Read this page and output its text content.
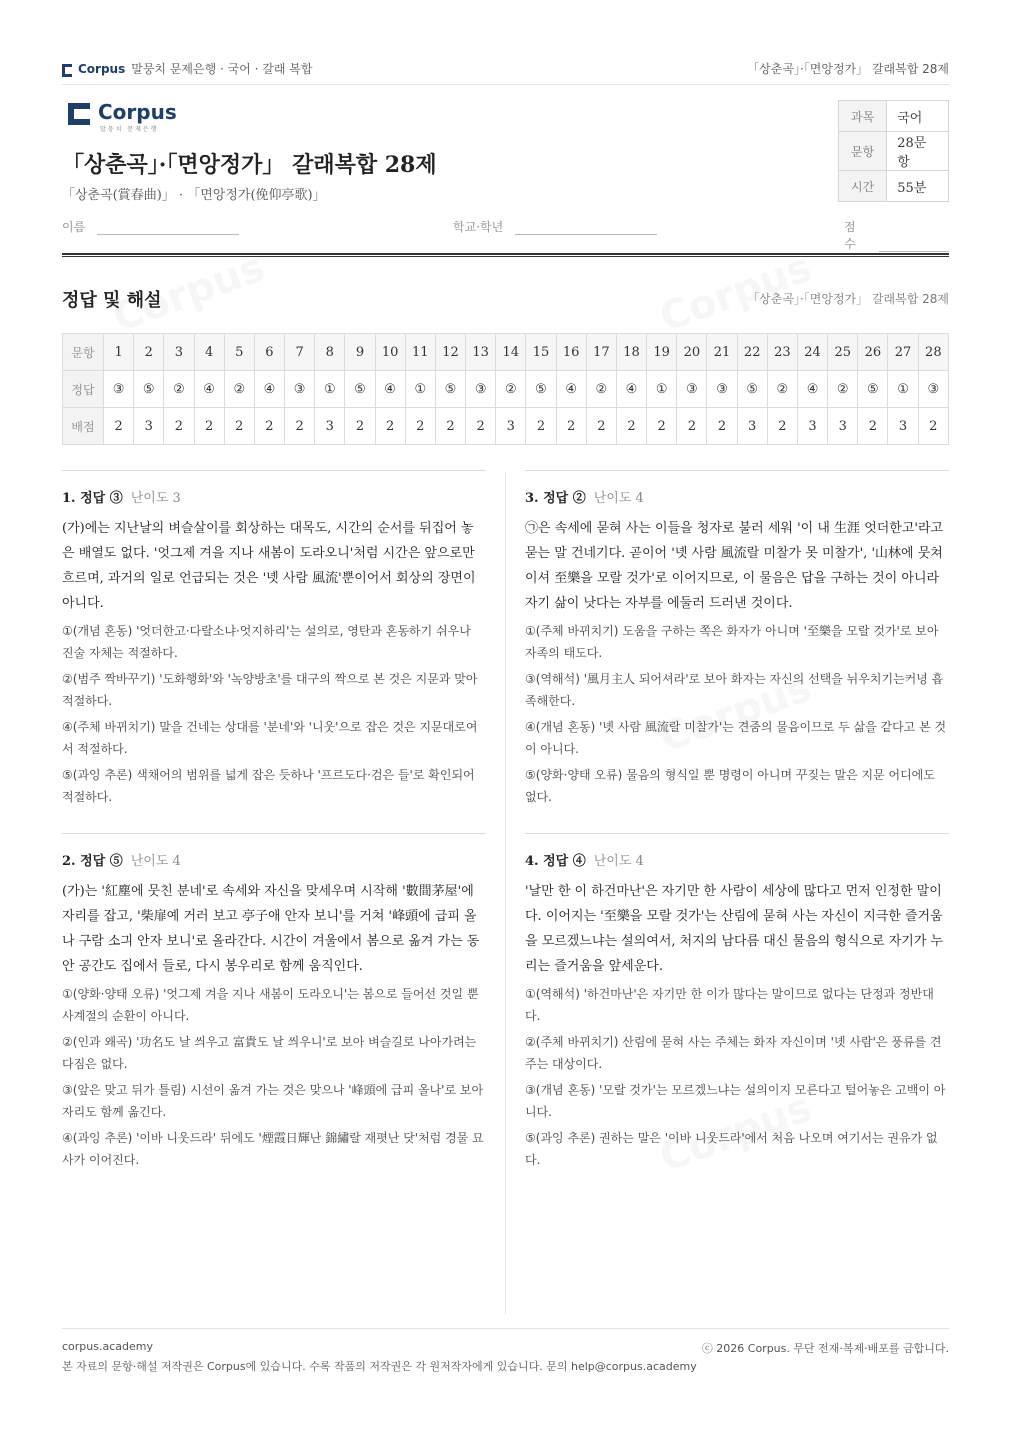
Corpus 말뭉치 문제은행 · 국어 · 갈래 복합	「상춘곡」·「면앙정가」 갈래복합 28제
Corpus
말뭉치 문제은행
「상춘곡」·「면앙정가」 갈래복합 28제
「상춘곡(賞春曲)」 · 「면앙정가(俛仰亭歌)」
과목	국어
문항	28문항
시간	55분
이름	학교·학년	점수
정답 및 해설	「상춘곡」·「면앙정가」 갈래복합 28제
문항	1	2	3	4	5	6	7	8	9	10	11	12	13	14	15	16	17	18	19	20	21	22	23	24	25	26	27	28
정답	③	⑤	②	④	②	④	③	①	⑤	④	①	⑤	③	②	⑤	④	②	④	①	③	③	⑤	②	④	②	⑤	①	③
배점	2	3	2	2	2	2	2	3	2	2	2	2	2	3	2	2	2	2	2	2	2	3	2	3	3	2	3	2
1. 정답 ③ 난이도 3
(가)에는 지난날의 벼슬살이를 회상하는 대목도, 시간의 순서를 뒤집어 놓은 배열도 없다. '엇그제 겨을 지나 새봄이 도라오니'처럼 시간은 앞으로만 흐르며, 과거의 일로 언급되는 것은 '녯 사람 風流'뿐이어서 회상의 장면이 아니다.
①(개념 혼동) '엇더한고·다랄소냐·엇지하리'는 설의로, 영탄과 혼동하기 쉬우나 진술 자체는 적절하다.
②(범주 짝바꾸기) '도화행화'와 '녹양방초'를 대구의 짝으로 본 것은 지문과 맞아 적절하다.
④(주체 바뀌치기) 말을 건네는 상대를 '분네'와 '니웃'으로 잡은 것은 지문대로여서 적절하다.
⑤(과잉 추론) 색채어의 범위를 넓게 잡은 듯하나 '프르도다·검은 들'로 확인되어 적절하다.
2. 정답 ⑤ 난이도 4
(가)는 '紅塵에 뭇친 분네'로 속세와 자신을 맞세우며 시작해 '數間茅屋'에 자리를 잡고, '柴扉예 거러 보고 亭子애 안자 보니'를 거쳐 '峰頭에 급피 올나 구람 소긔 안자 보니'로 올라간다. 시간이 겨울에서 봄으로 옮겨 가는 동안 공간도 집에서 들로, 다시 봉우리로 함께 움직인다.
①(양화·양태 오류) '엇그제 겨을 지나 새봄이 도라오니'는 봄으로 들어선 것일 뿐 사계절의 순환이 아니다.
②(인과 왜곡) '功名도 날 씌우고 富貴도 날 씌우니'로 보아 벼슬길로 나아가려는 다짐은 없다.
③(앞은 맞고 뒤가 틀림) 시선이 옮겨 가는 것은 맞으나 '峰頭에 급피 올나'로 보아 자리도 함께 옮긴다.
④(과잉 추론) '이바 니웃드라' 뒤에도 '煙霞日輝난 錦繡랄 재폇난 닷'처럼 경물 묘사가 이어진다.
3. 정답 ② 난이도 4
㉠은 속세에 묻혀 사는 이들을 청자로 불러 세워 '이 내 生涯 엇더한고'라고 묻는 말 건네기다. 곧이어 '녯 사람 風流랄 미찰가 못 미찰가', '山林에 뭇쳐 이셔 至樂을 모랄 것가'로 이어지므로, 이 물음은 답을 구하는 것이 아니라 자기 삶이 낫다는 자부를 에둘러 드러낸 것이다.
①(주체 바뀌치기) 도움을 구하는 쪽은 화자가 아니며 '至樂을 모랄 것가'로 보아 자족의 태도다.
③(역해석) '風月主人 되어셔라'로 보아 화자는 자신의 선택을 뉘우치기는커녕 흡족해한다.
④(개념 혼동) '녯 사람 風流랄 미찰가'는 견줌의 물음이므로 두 삶을 같다고 본 것이 아니다.
⑤(양화·양태 오류) 물음의 형식일 뿐 명령이 아니며 꾸짖는 말은 지문 어디에도 없다.
4. 정답 ④ 난이도 4
'날만 한 이 하건마난'은 자기만 한 사람이 세상에 많다고 먼저 인정한 말이다. 이어지는 '至樂을 모랄 것가'는 산림에 묻혀 사는 자신이 지극한 즐거움을 모르겠느냐는 설의여서, 처지의 남다름 대신 물음의 형식으로 자기가 누리는 즐거움을 앞세운다.
①(역해석) '하건마난'은 자기만 한 이가 많다는 말이므로 없다는 단정과 정반대다.
②(주체 바뀌치기) 산림에 묻혀 사는 주체는 화자 자신이며 '녯 사람'은 풍류를 견주는 대상이다.
③(개념 혼동) '모랄 것가'는 모르겠느냐는 설의이지 모른다고 털어놓은 고백이 아니다.
⑤(과잉 추론) 권하는 말은 '이바 니웃드라'에서 처음 나오며 여기서는 권유가 없다.
corpus.academy	ⓒ 2026 Corpus. 무단 전재·복제·배포를 금합니다.
본 자료의 문항·해설 저작권은 Corpus에 있습니다. 수록 작품의 저작권은 각 원저작자에게 있습니다. 문의 help@corpus.academy
